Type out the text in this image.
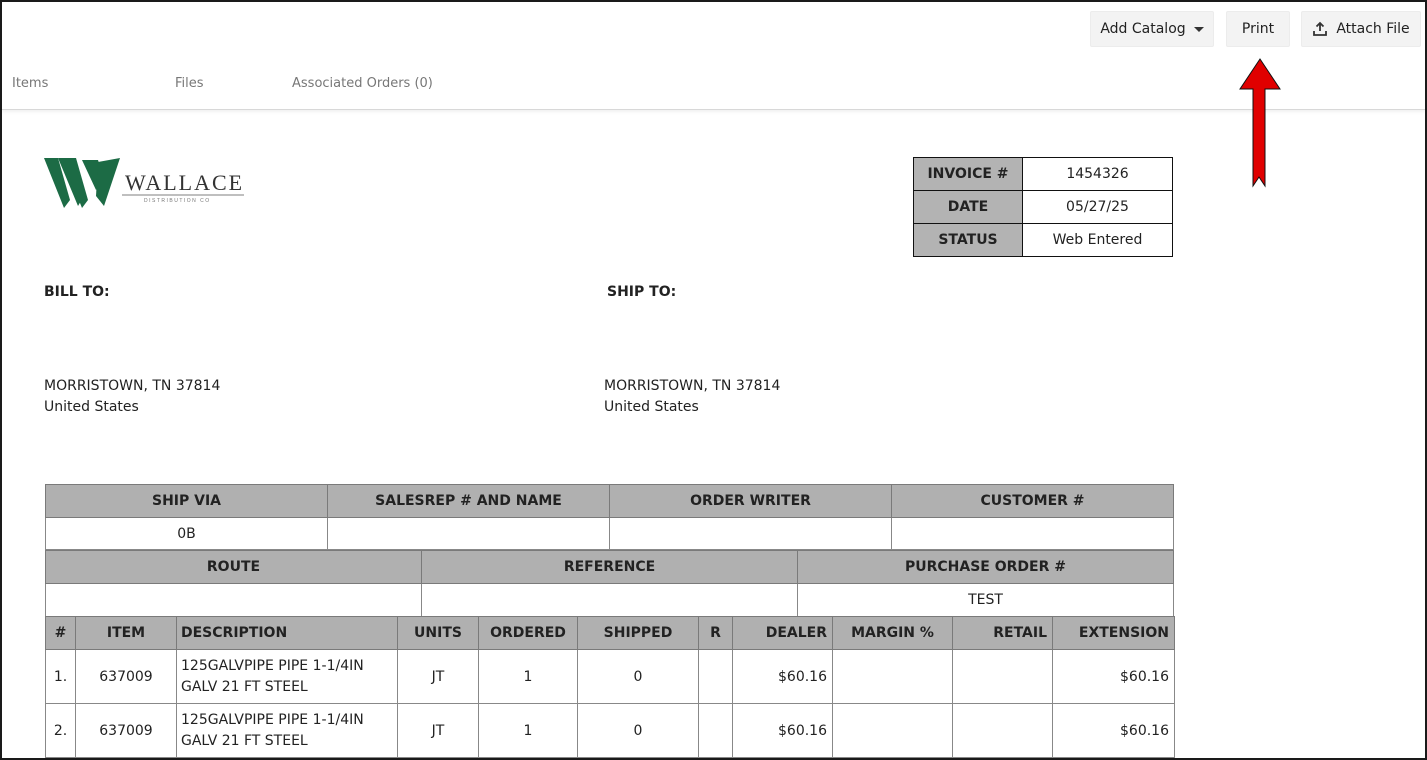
Add Catalog	Print	Attach File
Items	Files	Associated Orders (0)
WALLACE
DISTRIBUTION CO
INVOICE #	1454326
DATE	05/27/25
STATUS	Web Entered
BILL TO:	SHIP TO:
MORRISTOWN, TN 37814
United States
MORRISTOWN, TN 37814
United States
SHIP VIA	SALESREP # AND NAME	ORDER WRITER	CUSTOMER #
0B			
ROUTE	REFERENCE	PURCHASE ORDER #
		TEST
#	ITEM	DESCRIPTION	UNITS	ORDERED	SHIPPED	R	DEALER	MARGIN %	RETAIL	EXTENSION
1.	637009	125GALVPIPE PIPE 1-1/4IN
GALV 21 FT STEEL	JT	1	0		$60.16			$60.16
2.	637009	125GALVPIPE PIPE 1-1/4IN
GALV 21 FT STEEL	JT	1	0		$60.16			$60.16
